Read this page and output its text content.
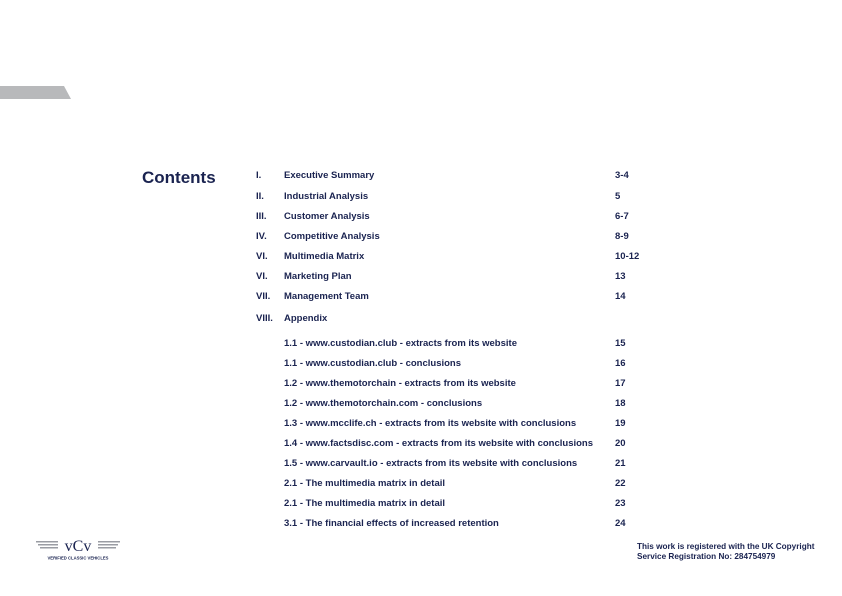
Contents	I. Executive Summary	3-4
II. Industrial Analysis	5
III. Customer Analysis	6-7
IV. Competitive Analysis	8-9
VI. Multimedia Matrix	10-12
VI. Marketing Plan	13
VII. Management Team	14
VIII. Appendix
1.1 - www.custodian.club - extracts from its website	15
1.1 - www.custodian.club - conclusions	16
1.2 - www.themotorchain - extracts from its website	17
1.2 - www.themotorchain.com - conclusions	18
1.3 - www.mcclife.ch - extracts from its website with conclusions	19
1.4 - www.factsdisc.com - extracts from its website with conclusions 20
1.5 - www.carvault.io - extracts from its website with conclusions	21
2.1 - The multimedia matrix in detail	22
2.1 - The multimedia matrix in detail	23
3.1 - The financial effects of increased retention	24
vCv
VERIFIED CLASSIC VEHICLES
This work is registered with the UK Copyright
Service Registration No: 284754979
